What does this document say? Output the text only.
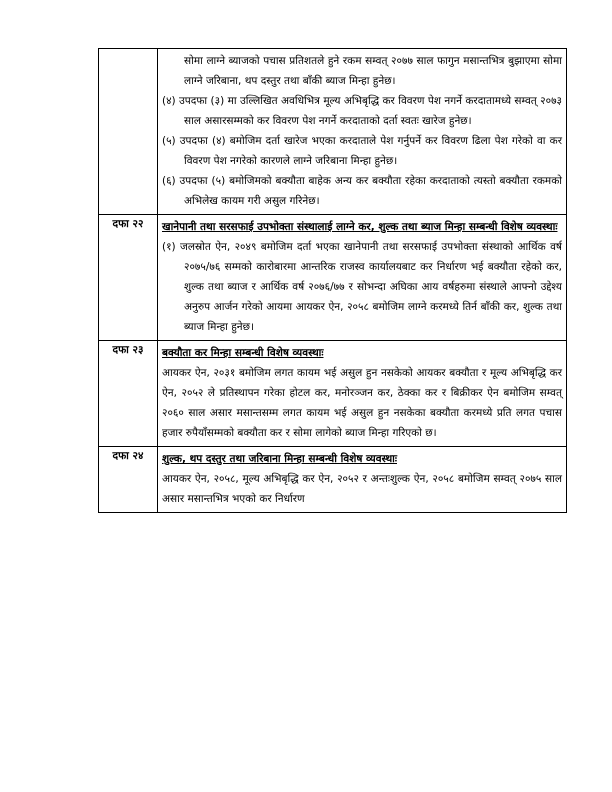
	सोमा लाग्ने ब्याजको पचास प्रतिशतले हुने रकम सम्वत् २०७७ साल फागुन मसान्तभित्र बुझाएमा सोमा लाग्ने जरिबाना, थप दस्तुर तथा बाँकी ब्याज मिन्हा हुनेछ।

(४) उपदफा (३) मा उल्लिखित अवधिभित्र मूल्य अभिबृद्धि कर विवरण पेश नगर्ने करदातामध्ये सम्वत् २०७३ साल असारसम्मको कर विवरण पेश नगर्ने करदाताको दर्ता स्वतः खारेज हुनेछ।

(५) उपदफा (४) बमोजिम दर्ता खारेज भएका करदाताले पेश गर्नुपर्ने कर विवरण ढिला पेश गरेको वा कर विवरण पेश नगरेको कारणले लाग्ने जरिबाना मिन्हा हुनेछ।

(६) उपदफा (५) बमोजिमको बक्यौता बाहेक अन्य कर बक्यौता रहेका करदाताको त्यस्तो बक्यौता रकमको अभिलेख कायम गरी असुल गरिनेछ।

दफा २२	खानेपानी तथा सरसफाई उपभोक्ता संस्थालाई लाग्ने कर, शुल्क तथा ब्याज मिन्हा सम्बन्धी विशेष व्यवस्थाः

(१) जलस्रोत ऐन, २०४९ बमोजिम दर्ता भएका खानेपानी तथा सरसफाई उपभोक्ता संस्थाको आर्थिक वर्ष २०७५/७६ सम्मको कारोबारमा आन्तरिक राजस्व कार्यालयबाट कर निर्धारण भई बक्यौता रहेको कर, शुल्क तथा ब्याज र आर्थिक वर्ष २०७६/७७ र सोभन्दा अघिका आय वर्षहरुमा संस्थाले आफ्नो उद्देश्य अनुरुप आर्जन गरेको आयमा आयकर ऐन, २०५८ बमोजिम लाग्ने करमध्ये तिर्न बाँकी कर, शुल्क तथा ब्याज मिन्हा हुनेछ।

दफा २३	बक्यौता कर मिन्हा सम्बन्धी विशेष व्यवस्थाः

आयकर ऐन, २०३१ बमोजिम लगत कायम भई असुल हुन नसकेको आयकर बक्यौता र मूल्य अभिबृद्धि कर ऐन, २०५२ ले प्रतिस्थापन गरेका होटल कर, मनोरञ्जन कर, ठेक्का कर र बिक्रीकर ऐन बमोजिम सम्वत् २०६० साल असार मसान्तसम्म लगत कायम भई असुल हुन नसकेका बक्यौता करमध्ये प्रति लगत पचास हजार रुपैयाँसम्मको बक्यौता कर र सोमा लागेको ब्याज मिन्हा गरिएको छ।

दफा २४	शुल्क, थप दस्तुर तथा जरिबाना मिन्हा सम्बन्धी विशेष व्यवस्थाः

आयकर ऐन, २०५८, मूल्य अभिबृद्धि कर ऐन, २०५२ र अन्तःशुल्क ऐन, २०५८ बमोजिम सम्वत् २०७५ साल असार मसान्तभित्र भएको कर निर्धारण
